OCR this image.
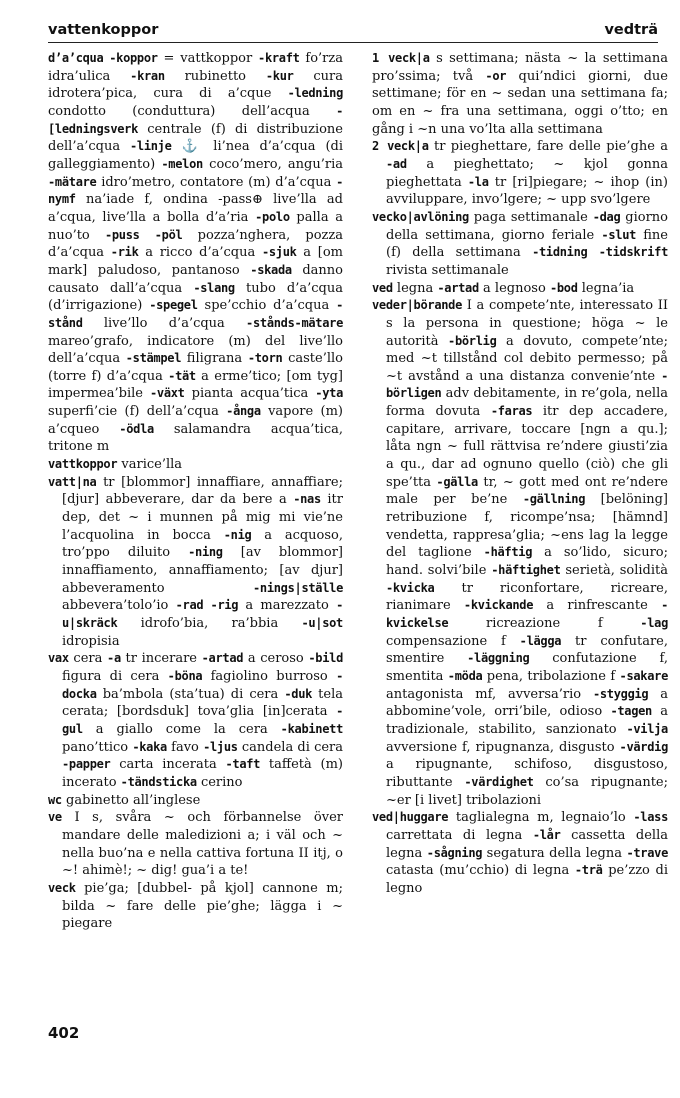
vattenkoppor	vedträ

d’a’cqua -koppor = vattkoppor -kraft fo’rza idra’ulica -kran rubinetto -kur cura idrotera’pica, cura di a’cque -ledning condotto (conduttura) dell’acqua -[ledningsverk centrale (f) di distribuzione dell’a’cqua -linje ⚓ li’nea d’a’cqua (di galleggiamento) -melon coco’mero, angu’ria -mätare idro’metro, contatore (m) d’a’cqua -nymf na’iade f, ondina -pass⊕ live’lla ad a’cqua, live’lla a bolla d’a’ria -polo palla a nuo’to -puss -pöl pozza’nghera, pozza d’a’cqua -rik a ricco d’a’cqua -sjuk a [om mark] paludoso, pantanoso -skada danno causato dall’a’cqua -slang tubo d’a’cqua (d’irrigazione) -spegel spe’cchio d’a’cqua -stånd live’llo d’a’cqua -stånds-mätare mareo’grafo, indicatore (m) del live’llo dell’a’cqua -stämpel filigrana -torn caste’llo (torre f) d’a’cqua -tät a erme’tico; [om tyg] impermea’bile -växt pianta acqua’tica -yta superfi’cie (f) dell’a’cqua -ånga vapore (m) a’cqueo -ödla salamandra acqua’tica, tritone m

vattkoppor varice’lla

vatt|na tr [blommor] innaffiare, annaffiare; [djur] abbeverare, dar da bere a -nas itr dep, det ~ i munnen på mig mi vie’ne l’acquolina in bocca -nig a acquoso, tro’ppo diluito -ning [av blommor] innaffiamento, annaffiamento; [av djur] abbeveramento -nings|ställe abbevera’tolo’io -rad -rig a marezzato -u|skräck idrofo’bia, ra’bbia -u|sot idropisia

vax cera -a tr incerare -artad a ceroso -bild figura di cera -böna fagiolino burroso -docka ba’mbola (sta’tua) di cera -duk tela cerata; [bordsduk] tova’glia [in]cerata -gul a giallo come la cera -kabinett pano’ttico -kaka favo -ljus candela di cera -papper carta incerata -taft taffetà (m) incerato -tändsticka cerino

wc gabinetto all’inglese

ve I s, svåra ~ och förbannelse över mandare delle maledizioni a; i väl och ~ nella buo’na e nella cattiva fortuna II itj, o ~! ahimè!; ~ dig! gua’i a te!

veck pie’ga; [dubbel- på kjol] cannone m; bilda ~ fare delle pie’ghe; lägga i ~ piegare

1 veck|a s settimana; nästa ~ la settimana pro’ssima; två -or qui’ndici giorni, due settimane; för en ~ sedan una settimana fa; om en ~ fra una settimana, oggi o’tto; en gång i ~n una vo’lta alla settimana

2 veck|a tr pieghettare, fare delle pie’ghe a -ad a pieghettato; ~ kjol gonna pieghettata -la tr [ri]piegare; ~ ihop (in) avviluppare, invo’lgere; ~ upp svo’lgere

vecko|avlöning paga settimanale -dag giorno della settimana, giorno feriale -slut fine (f) della settimana -tidning -tidskrift rivista settimanale

ved legna -artad a legnoso -bod legna’ia

veder|börande I a compete’nte, interessato II s la persona in questione; höga ~ le autorità -börlig a dovuto, compete’nte; med ~t tillstånd col debito permesso; på ~t avstånd a una distanza convenie’nte -börligen adv debitamente, in re’gola, nella forma dovuta -faras itr dep accadere, capitare, arrivare, toccare [ngn a qu.]; låta ngn ~ full rättvisa re’ndere giusti’zia a qu., dar ad ognuno quello (ciò) che gli spe’tta -gälla tr, ~ gott med ont re’ndere male per be’ne -gällning [belöning] retribuzione f, ricompe’nsa; [hämnd] vendetta, rappresa’glia; ~ens lag la legge del taglione -häftig a so’lido, sicuro; hand. solvi’bile -häftighet serietà, solidità -kvicka tr riconfortare, ricreare, rianimare -kvickande a rinfrescante -kvickelse ricreazione f -lag compensazione f -lägga tr confutare, smentire -läggning confutazione f, smentita -möda pena, tribolazione f -sakare antagonista mf, avversa’rio -styggig a abbomine’vole, orri’bile, odioso -tagen a tradizionale, stabilito, sanzionato -vilja avversione f, ripugnanza, disgusto -värdig a ripugnante, schifoso, disgustoso, ributtante -värdighet co’sa ripugnante; ~er [i livet] tribolazioni

ved|huggare taglialegna m, legnaio’lo -lass carrettata di legna -lår cassetta della legna -sågning segatura della legna -trave catasta (mu’cchio) di legna -trä pe’zzo di legno

402
